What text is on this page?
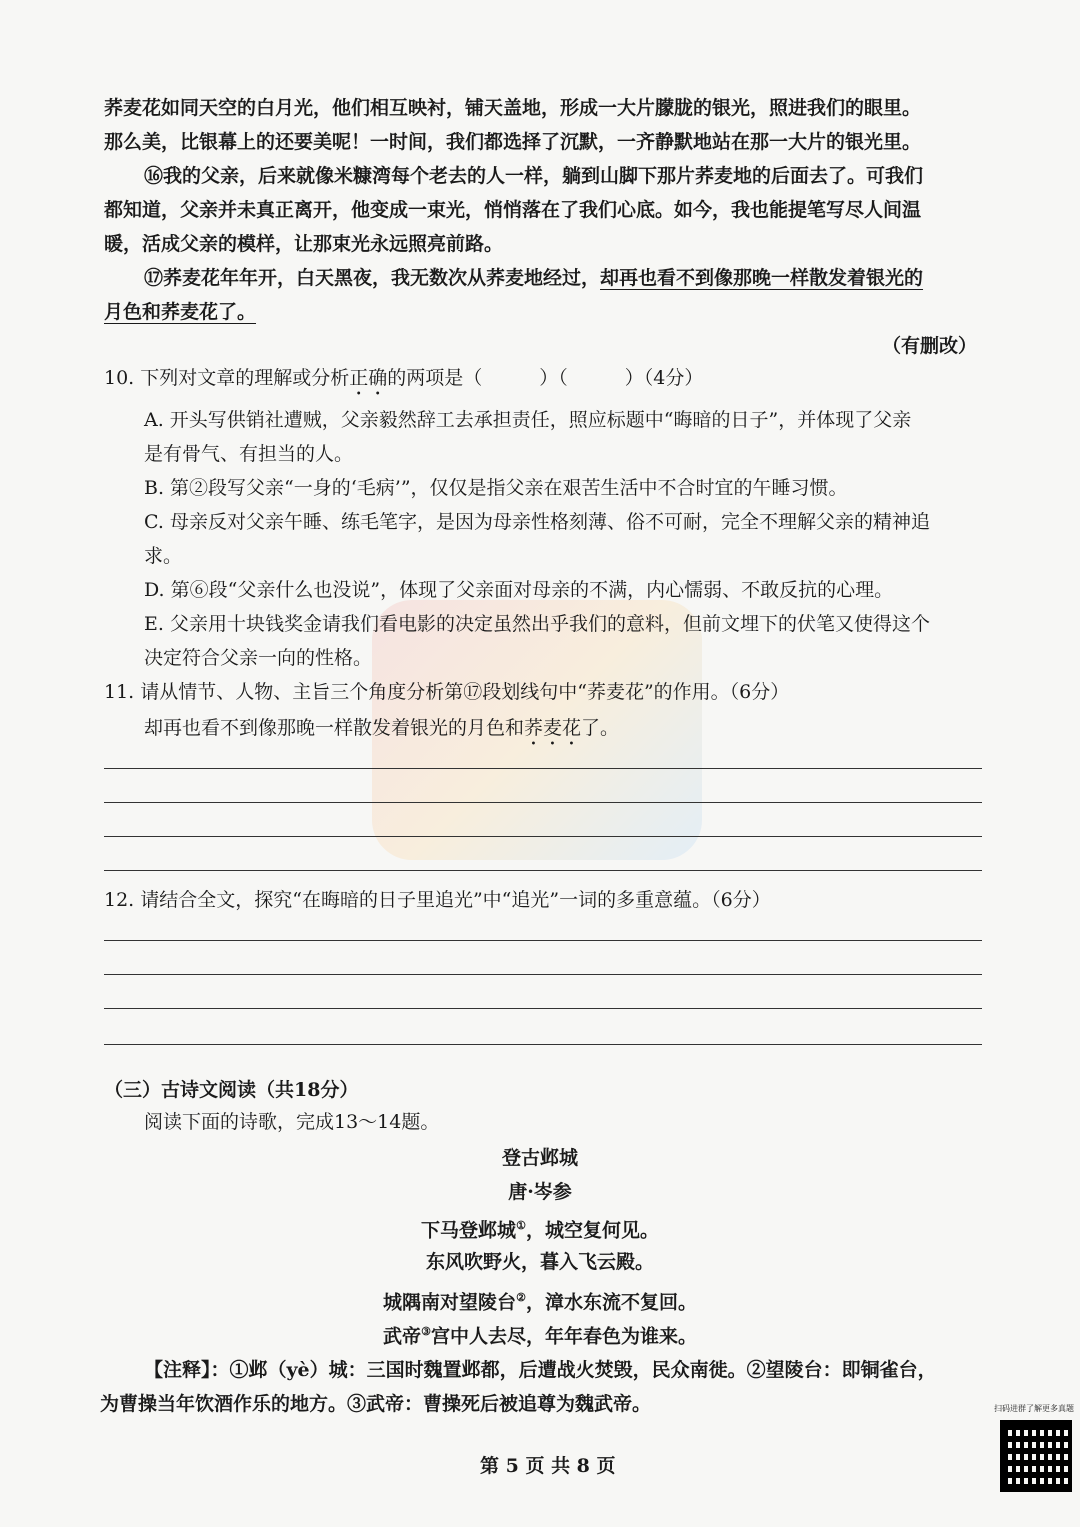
荞麦花如同天空的白月光，他们相互映衬，铺天盖地，形成一大片朦胧的银光，照进我们的眼里。
那么美，比银幕上的还要美呢！一时间，我们都选择了沉默，一齐静默地站在那一大片的银光里。
⑯我的父亲，后来就像米糠湾每个老去的人一样，躺到山脚下那片荞麦地的后面去了。可我们
都知道，父亲并未真正离开，他变成一束光，悄悄落在了我们心底。如今，我也能提笔写尽人间温
暖，活成父亲的模样，让那束光永远照亮前路。
⑰荞麦花年年开，白天黑夜，我无数次从荞麦地经过，却再也看不到像那晚一样散发着银光的
月色和荞麦花了。
（有删改）
10. 下列对文章的理解或分析正确的两项是（　　　）（　　　）（4分）
A. 开头写供销社遭贼，父亲毅然辞工去承担责任，照应标题中“晦暗的日子”，并体现了父亲
是有骨气、有担当的人。
B. 第②段写父亲“一身的‘毛病’”，仅仅是指父亲在艰苦生活中不合时宜的午睡习惯。
C. 母亲反对父亲午睡、练毛笔字，是因为母亲性格刻薄、俗不可耐，完全不理解父亲的精神追
求。
D. 第⑥段“父亲什么也没说”，体现了父亲面对母亲的不满，内心懦弱、不敢反抗的心理。
E. 父亲用十块钱奖金请我们看电影的决定虽然出乎我们的意料，但前文埋下的伏笔又使得这个
决定符合父亲一向的性格。
11. 请从情节、人物、主旨三个角度分析第⑰段划线句中“荞麦花”的作用。（6分）
却再也看不到像那晚一样散发着银光的月色和荞麦花了。
12. 请结合全文，探究“在晦暗的日子里追光”中“追光”一词的多重意蕴。（6分）
（三）古诗文阅读（共18分）
阅读下面的诗歌，完成13～14题。
登古邺城
唐·岑参
下马登邺城①，城空复何见。
东风吹野火，暮入飞云殿。
城隅南对望陵台②，漳水东流不复回。
武帝③宫中人去尽，年年春色为谁来。
【注释】：①邺（yè）城：三国时魏置邺都，后遭战火焚毁，民众南徙。②望陵台：即铜雀台，
为曹操当年饮酒作乐的地方。③武帝：曹操死后被追尊为魏武帝。
第 5 页 共 8 页
扫码进群了解更多真题
